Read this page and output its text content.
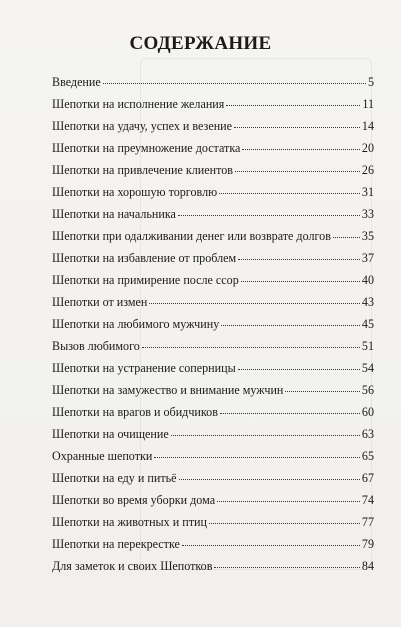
СОДЕРЖАНИЕ
Введение	5
Шепотки на исполнение желания	11
Шепотки на удачу, успех и везение	14
Шепотки на преумножение достатка	20
Шепотки на привлечение клиентов	26
Шепотки на хорошую торговлю	31
Шепотки на начальника	33
Шепотки при одалживании денег или возврате долгов	35
Шепотки на избавление от проблем	37
Шепотки на примирение после ссор	40
Шепотки от измен	43
Шепотки на любимого мужчину	45
Вызов любимого	51
Шепотки на устранение соперницы	54
Шепотки на замужество и внимание мужчин	56
Шепотки на врагов и обидчиков	60
Шепотки на очищение	63
Охранные шепотки	65
Шепотки на еду и питьё	67
Шепотки во время уборки дома	74
Шепотки на животных и птиц	77
Шепотки на перекрестке	79
Для заметок и своих Шепотков	84
